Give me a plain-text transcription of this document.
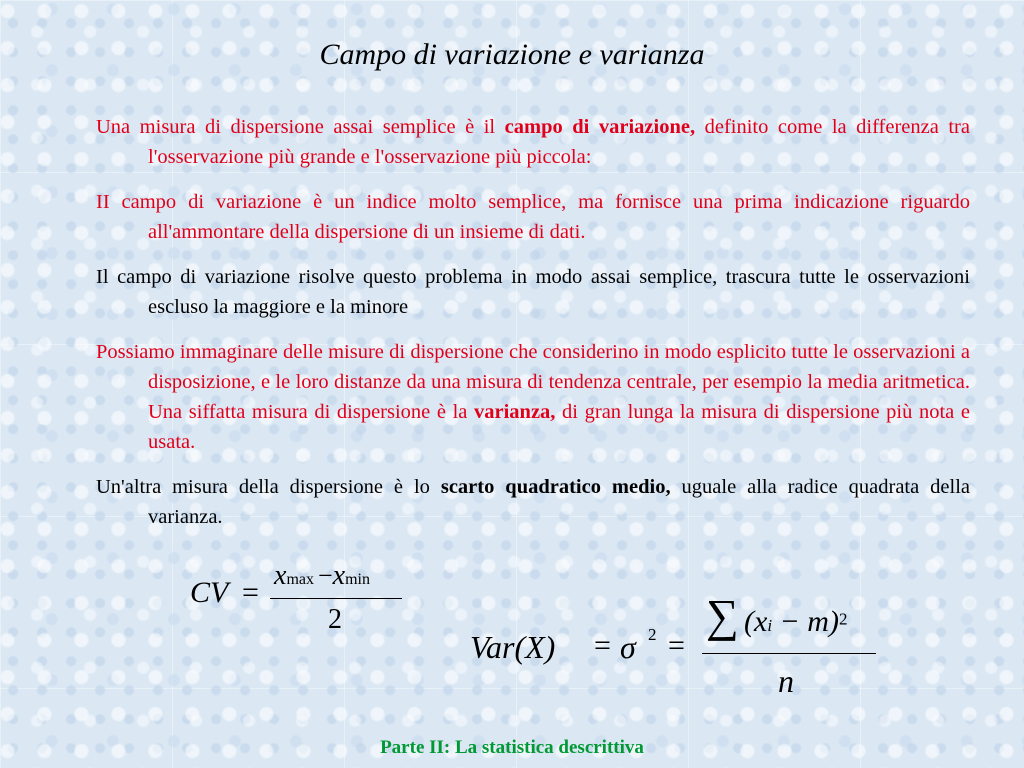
Campo di variazione e varianza

Una misura di dispersione assai semplice è il campo di variazione, definito come la differenza tra l'osservazione più grande e l'osservazione più piccola:

II campo di variazione è un indice molto semplice, ma fornisce una prima indicazione riguardo all'ammontare della dispersione di un insieme di dati.

Il campo di variazione risolve questo problema in modo assai semplice, trascura tutte le osservazioni escluso la maggiore e la minore

Possiamo immaginare delle misure di dispersione che considerino in modo esplicito tutte le osservazioni a disposizione, e le loro distanze da una misura di tendenza centrale, per esempio la media aritmetica. Una siffatta misura di dispersione è la varianza, di gran lunga la misura di dispersione più nota e usata.

Un'altra misura della dispersione è lo scarto quadratico medio, uguale alla radice quadrata della varianza.

CV =
xmax −xmin
2
Var(X) = σ 2 =
∑ (xi − m)$^2$
n
Parte II: La statistica descrittiva
